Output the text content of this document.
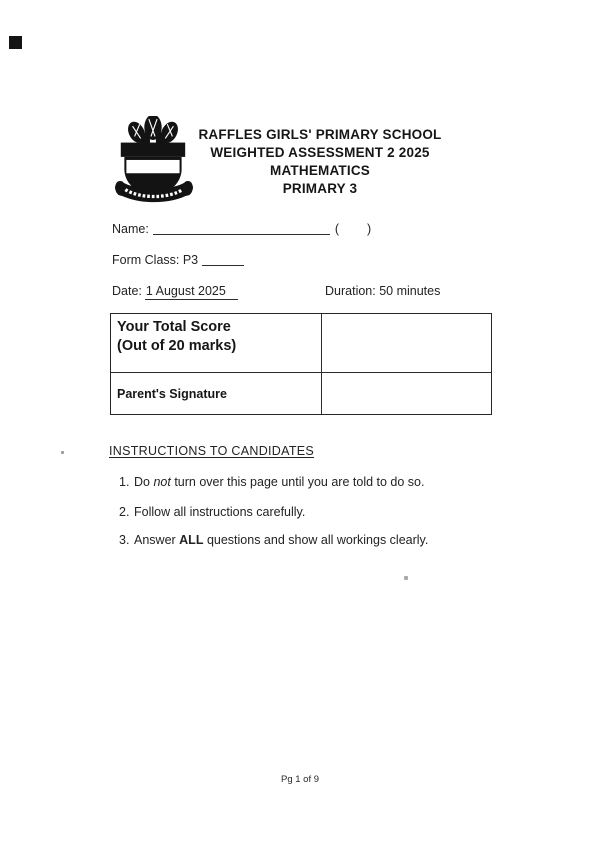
RAFFLES GIRLS' PRIMARY SCHOOL
WEIGHTED ASSESSMENT 2 2025
MATHEMATICS
PRIMARY 3
Name:	( )
Form Class: P3
Date: 1 August 2025	Duration: 50 minutes
Your Total Score
(Out of 20 marks)
Parent's Signature
INSTRUCTIONS TO CANDIDATES
1. Do not turn over this page until you are told to do so.
2. Follow all instructions carefully.
3. Answer ALL questions and show all workings clearly.
Pg 1 of 9
